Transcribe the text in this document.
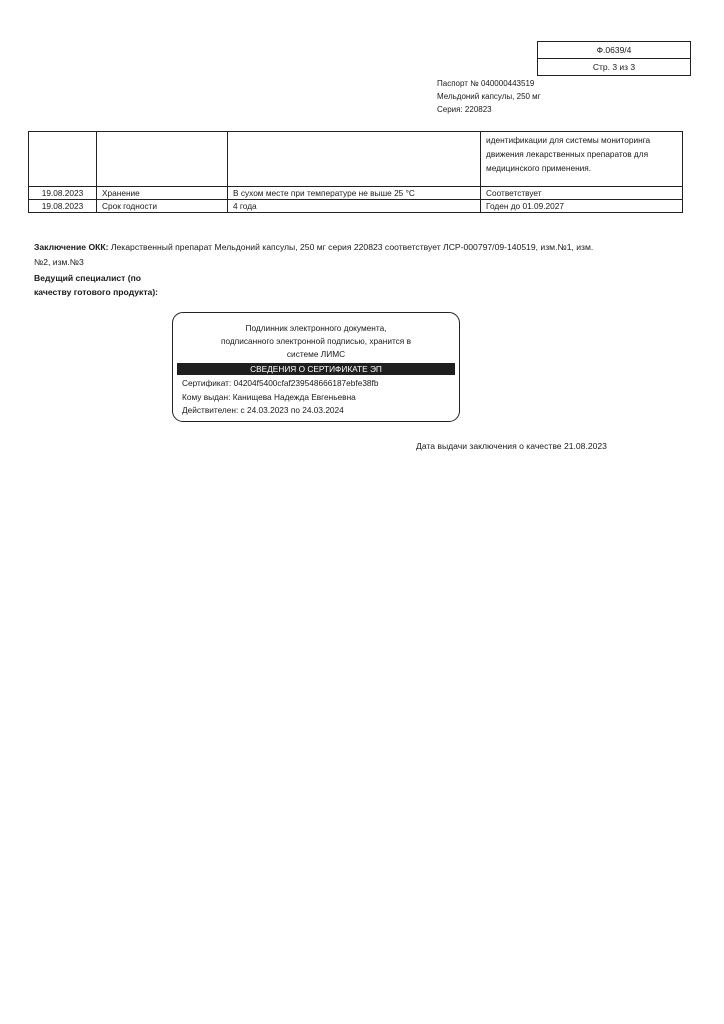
Ф.0639/4
Стр. 3 из 3
Паспорт № 040000443519
Мельдоний капсулы, 250 мг
Серия: 220823
			идентификации для системы мониторинга движения лекарственных препаратов для медицинского применения.
19.08.2023	Хранение	В сухом месте при температуре не выше 25 °С	Соответствует
19.08.2023	Срок годности	4 года	Годен до 01.09.2027
Заключение ОКК: Лекарственный препарат Мельдоний капсулы, 250 мг серия 220823 соответствует ЛСР-000797/09-140519, изм.№1, изм.№2, изм.№3
Ведущий специалист (по качеству готового продукта):
Подлинник электронного документа,
подписанного электронной подписью, хранится в
системе ЛИМС
СВЕДЕНИЯ О СЕРТИФИКАТЕ ЭП
Сертификат: 04204f5400cfaf239548666187ebfe38fb
Кому выдан: Канищева Надежда Евгеньевна
Действителен: с 24.03.2023 по 24.03.2024
Дата выдачи заключения о качестве 21.08.2023
